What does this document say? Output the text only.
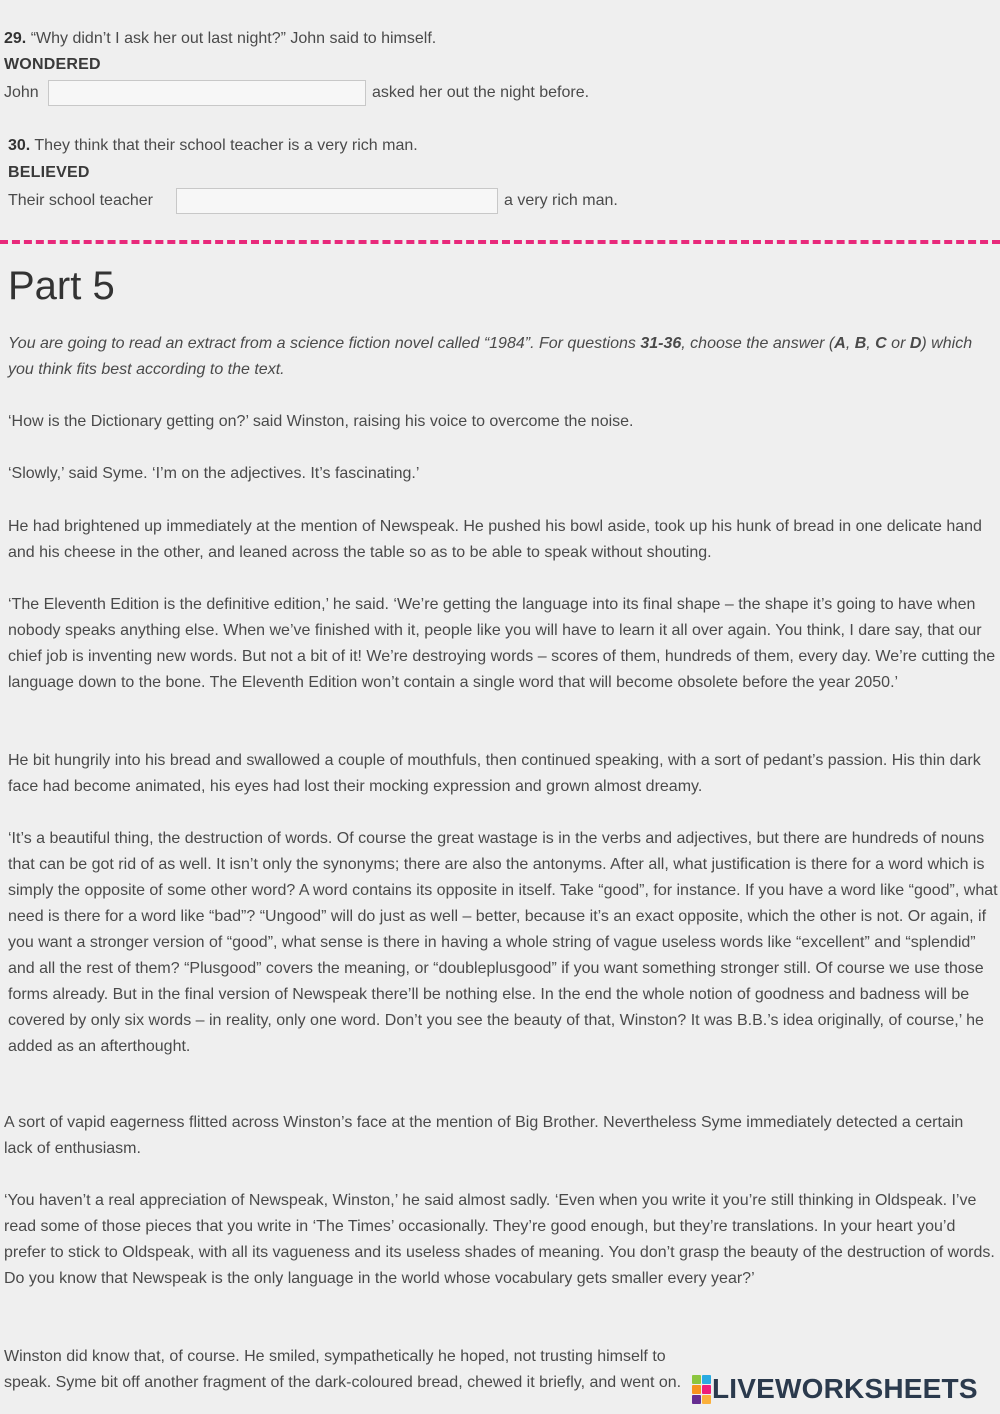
29. “Why didn’t I ask her out last night?” John said to himself.
WONDERED
John	asked her out the night before.
30. They think that their school teacher is a very rich man.
BELIEVED
Their school teacher	a very rich man.
Part 5

You are going to read an extract from a science fiction novel called “1984”. For questions 31-36, choose the answer (A, B, C or D) which you think fits best according to the text.

‘How is the Dictionary getting on?’ said Winston, raising his voice to overcome the noise.

‘Slowly,’ said Syme. ‘I’m on the adjectives. It’s fascinating.’

He had brightened up immediately at the mention of Newspeak. He pushed his bowl aside, took up his hunk of bread in one delicate hand and his cheese in the other, and leaned across the table so as to be able to speak without shouting.

‘The Eleventh Edition is the definitive edition,’ he said. ‘We’re getting the language into its final shape – the shape it’s going to have when nobody speaks anything else. When we’ve finished with it, people like you will have to learn it all over again. You think, I dare say, that our chief job is inventing new words. But not a bit of it! We’re destroying words – scores of them, hundreds of them, every day. We’re cutting the language down to the bone. The Eleventh Edition won’t contain a single word that will become obsolete before the year 2050.’

He bit hungrily into his bread and swallowed a couple of mouthfuls, then continued speaking, with a sort of pedant’s passion. His thin dark face had become animated, his eyes had lost their mocking expression and grown almost dreamy.

‘It’s a beautiful thing, the destruction of words. Of course the great wastage is in the verbs and adjectives, but there are hundreds of nouns that can be got rid of as well. It isn’t only the synonyms; there are also the antonyms. After all, what justification is there for a word which is simply the opposite of some other word? A word contains its opposite in itself. Take “good”, for instance. If you have a word like “good”, what need is there for a word like “bad”? “Ungood” will do just as well – better, because it’s an exact opposite, which the other is not. Or again, if you want a stronger version of “good”, what sense is there in having a whole string of vague useless words like “excellent” and “splendid” and all the rest of them? “Plusgood” covers the meaning, or “doubleplusgood” if you want something stronger still. Of course we use those forms already. But in the final version of Newspeak there’ll be nothing else. In the end the whole notion of goodness and badness will be covered by only six words – in reality, only one word. Don’t you see the beauty of that, Winston? It was B.B.’s idea originally, of course,’ he added as an afterthought.

A sort of vapid eagerness flitted across Winston’s face at the mention of Big Brother. Nevertheless Syme immediately detected a certain lack of enthusiasm.

‘You haven’t a real appreciation of Newspeak, Winston,’ he said almost sadly. ‘Even when you write it you’re still thinking in Oldspeak. I’ve read some of those pieces that you write in ‘The Times’ occasionally. They’re good enough, but they’re translations. In your heart you’d prefer to stick to Oldspeak, with all its vagueness and its useless shades of meaning. You don’t grasp the beauty of the destruction of words. Do you know that Newspeak is the only language in the world whose vocabulary gets smaller every year?’

Winston did know that, of course. He smiled, sympathetically he hoped, not trusting himself to speak. Syme bit off another fragment of the dark-coloured bread, chewed it briefly, and went on. LIVEWORKSHEETS
